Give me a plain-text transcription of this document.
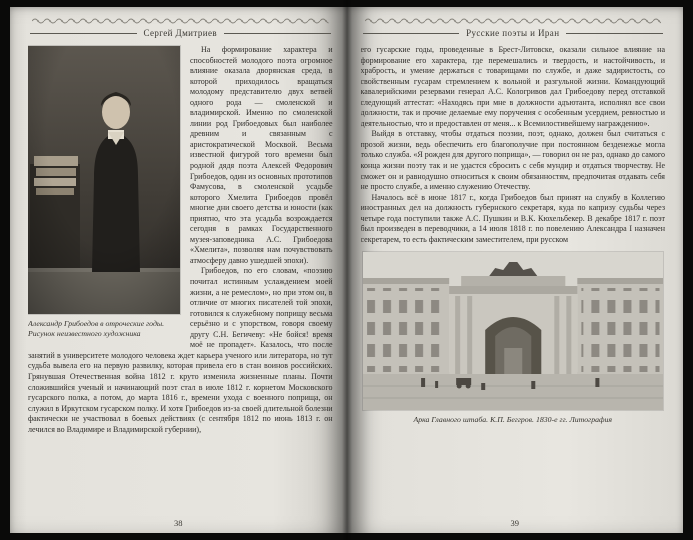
Сергей Дмитриев
Александр Грибоедов в отроческие годы. Рисунок неизвестного художника

На формирование характера и способностей молодого поэта огромное влияние оказала дворянская среда, в которой приходилось вращаться молодому представителю двух ветвей одного рода — смоленской и владимирской. Именно по смоленской линии род Грибоедовых был наиболее древним и связанным с аристократической Москвой. Весьма известной фигурой того времени был родной дядя поэта Алексей Федорович Грибоедов, один из основных прототипов Фамусова, в смоленской усадьбе которого Хмелита Грибоедов провёл многие дни своего детства и юности (как приятно, что эта усадьба возрождается сегодня в рамках Государственного музея-заповедника А.С. Грибоедова «Хмелита», позволяя нам почувствовать атмосферу давно ушедшей эпохи).

Грибоедов, по его словам, «поэзию почитал истинным услаждением моей жизни, а не ремеслом», но при этом он, в отличие от многих писателей той эпохи, готовился к служебному поприщу весьма серьёзно и с упорством, говоря своему другу С.Н. Бегичеву: «Не бойся! время моё не пропадет». Казалось, что после занятий в университете молодого человека ждет карьера ученого или литератора, но тут судьба вывела его на первую развилку, которая привела его в стан воинов российских. Грянувшая Отечественная война 1812 г. круто изменила жизненные планы. Почти сложившийся ученый и начинающий поэт стал в июле 1812 г. корнетом Московского гусарского полка, а потом, до марта 1816 г., времени ухода с военного поприща, он служил в Иркутском гусарском полку. И хотя Грибоедов из-за своей длительной болезни фактически не участвовал в боевых действиях (с сентября 1812 по июнь 1813 г. он лечился во Владимире и Владимирской губернии),

38
Русские поэты и Иран

его гусарские годы, проведенные в Брест-Литовске, оказали сильное влияние на формирование его характера, где перемешались и твердость, и настойчивость, и храбрость, и умение держаться с товарищами по службе, и даже задиристость, со свойственным гусарам стремлением к вольной и разгульной жизни. Командующий кавалерийскими резервами генерал А.С. Кологривов дал Грибоедову перед отставкой следующий аттестат: «Находясь при мне в должности адъютанта, исполнял все свои должности, так и прочие делаемые ему поручения с особенным усердием, ревностью и деятельностью, что и предоставлен от меня... к Всемилостивейшему награждению».

Выйдя в отставку, чтобы отдаться поэзии, поэт, однако, должен был считаться с прозой жизни, ведь обеспечить его благополучие при постоянном безденежье могла только служба. «Я рожден для другого поприща», — говорил он не раз, однако до самого конца жизни поэту так и не удастся сбросить с себя мундир и отдаться творчеству. Не сможет он и равнодушно относиться к своим обязанностям, предпочитая отдавать себя не просто службе, а именно служению Отечеству.

Началось всё в июне 1817 г., когда Грибоедов был принят на службу в Коллегию иностранных дел на должность губернского секретаря, куда по капризу судьбы через четыре года поступили также А.С. Пушкин и В.К. Кюхельбекер. В декабре 1817 г. поэт был произведен в переводчики, а 14 июля 1818 г. по повелению Александра I назначен секретарем, то есть фактическим заместителем, при русском

Арка Главного штаба. К.П. Беггров. 1830-е гг. Литография
39
